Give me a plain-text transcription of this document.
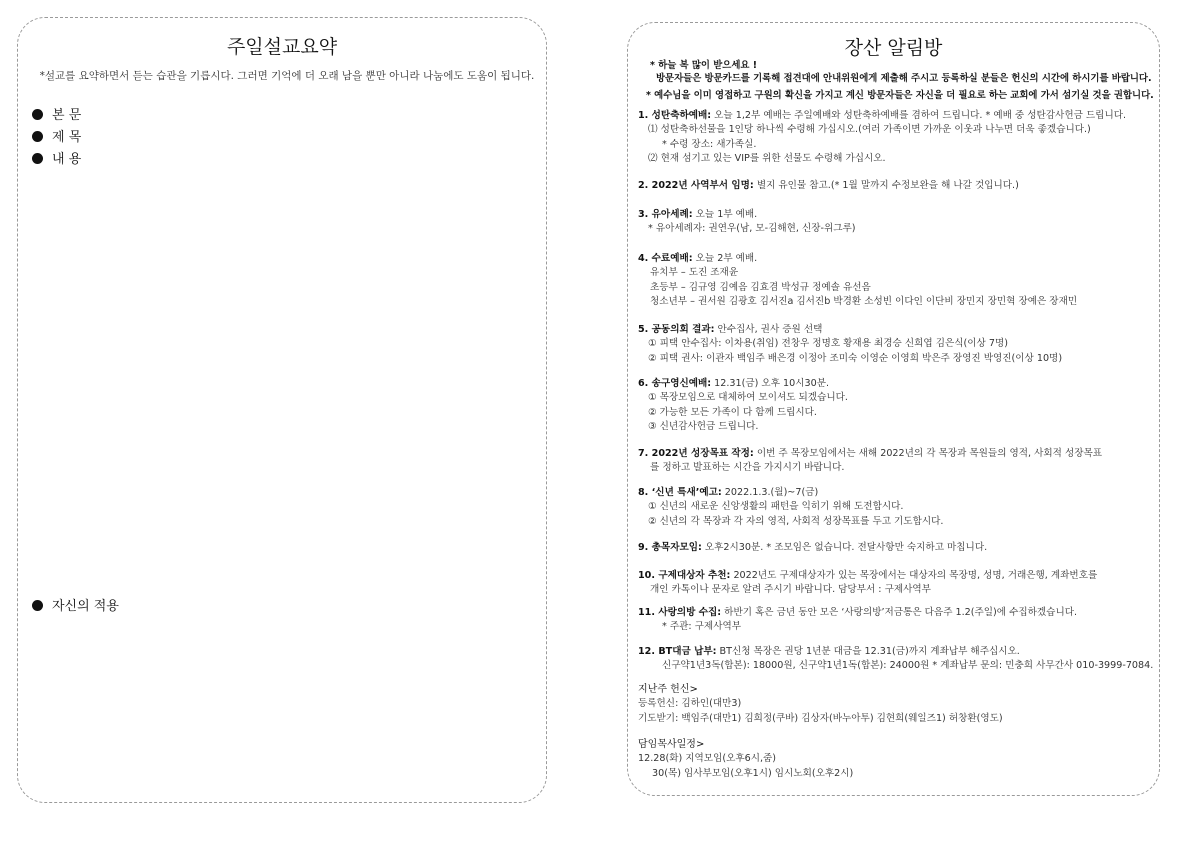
주일설교요약
*설교를 요약하면서 듣는 습관을 기릅시다. 그러면 기억에 더 오래 남을 뿐만 아니라 나눔에도 도움이 됩니다.
본 문
제 목
내 용
자신의 적용
장산 알림방
* 하늘 복 많이 받으세요 !
방문자들은 방문카드를 기록해 접견대에 안내위원에게 제출해 주시고 등록하실 분들은 헌신의 시간에 하시기를 바랍니다.
* 예수님을 이미 영접하고 구원의 확신을 가지고 계신 방문자들은 자신을 더 필요로 하는 교회에 가서 섬기실 것을 권합니다.
1. 성탄축하예배: 오늘 1,2부 예배는 주일예배와 성탄축하예배를 겸하여 드립니다. * 예배 중 성탄감사헌금 드립니다.
⑴ 성탄축하선물을 1인당 하나씩 수령해 가십시오.(여러 가족이면 가까운 이웃과 나누면 더욱 좋겠습니다.)
* 수령 장소: 새가족실.
⑵ 현재 섬기고 있는 VIP를 위한 선물도 수령해 가십시오.
2. 2022년 사역부서 임명: 별지 유인물 참고.(* 1월 말까지 수정보완을 해 나갈 것입니다.)
3. 유아세례: 오늘 1부 예배.
* 유아세례자: 권연우(남, 모-김해현, 신장-위그루)
4. 수료예배: 오늘 2부 예배.
유치부 – 도진 조재윤
초등부 – 김규영 김예음 김효겸 박성규 정예솔 유선음
청소년부 – 권서원 김광호 김서진a 김서진b 박경환 소성빈 이다인 이단비 장민지 장민혁 장예은 장재민
5. 공동의회 결과: 안수집사, 권사 증원 선택
① 피택 안수집사: 이차용(취임) 전창우 정명호 황재용 최경승 신희엽 김은식(이상 7명)
② 피택 권사: 이관자 백임주 배은경 이정아 조미숙 이영순 이영희 박은주 장영진 박영진(이상 10명)
6. 송구영신예배: 12.31(금) 오후 10시30분.
① 목장모임으로 대체하여 모이셔도 되겠습니다.
② 가능한 모든 가족이 다 함께 드립시다.
③ 신년감사헌금 드립니다.
7. 2022년 성장목표 작정: 이번 주 목장모임에서는 새해 2022년의 각 목장과 목원들의 영적, 사회적 성장목표
를 정하고 발표하는 시간을 가지시기 바랍니다.
8. ‘신년 특새’예고: 2022.1.3.(월)~7(금)
① 신년의 새로운 신앙생활의 패턴을 익히기 위해 도전합시다.
② 신년의 각 목장과 각 자의 영적, 사회적 성장목표를 두고 기도합시다.
9. 총목자모임: 오후2시30분. * 조모임은 없습니다. 전달사항만 숙지하고 마칩니다.
10. 구제대상자 추천: 2022년도 구제대상자가 있는 목장에서는 대상자의 목장명, 성명, 거래은행, 계좌번호를
개인 카톡이나 문자로 알려 주시기 바랍니다. 담당부서 : 구제사역부
11. 사랑의방 수집: 하반기 혹은 금년 동안 모은 ‘사랑의방’저금통은 다음주 1.2(주일)에 수집하겠습니다.
* 주관: 구제사역부
12. BT대금 납부: BT신청 목장은 권당 1년분 대금을 12.31(금)까지 계좌납부 해주십시오.
신구약1년3독(합본): 18000원, 신구약1년1독(합본): 24000원 * 계좌납부 문의: 민충희 사무간사 010-3999-7084.
지난주 헌신>
등록헌신: 김하인(대만3)
기도받기: 백임주(대만1) 김희정(쿠바) 김상자(바누아투) 김현희(웨일즈1) 허창환(영도)
담임목사일정>
12.28(화) 지역모임(오후6시,줌)
30(목) 임사부모임(오후1시) 임시노회(오후2시)
